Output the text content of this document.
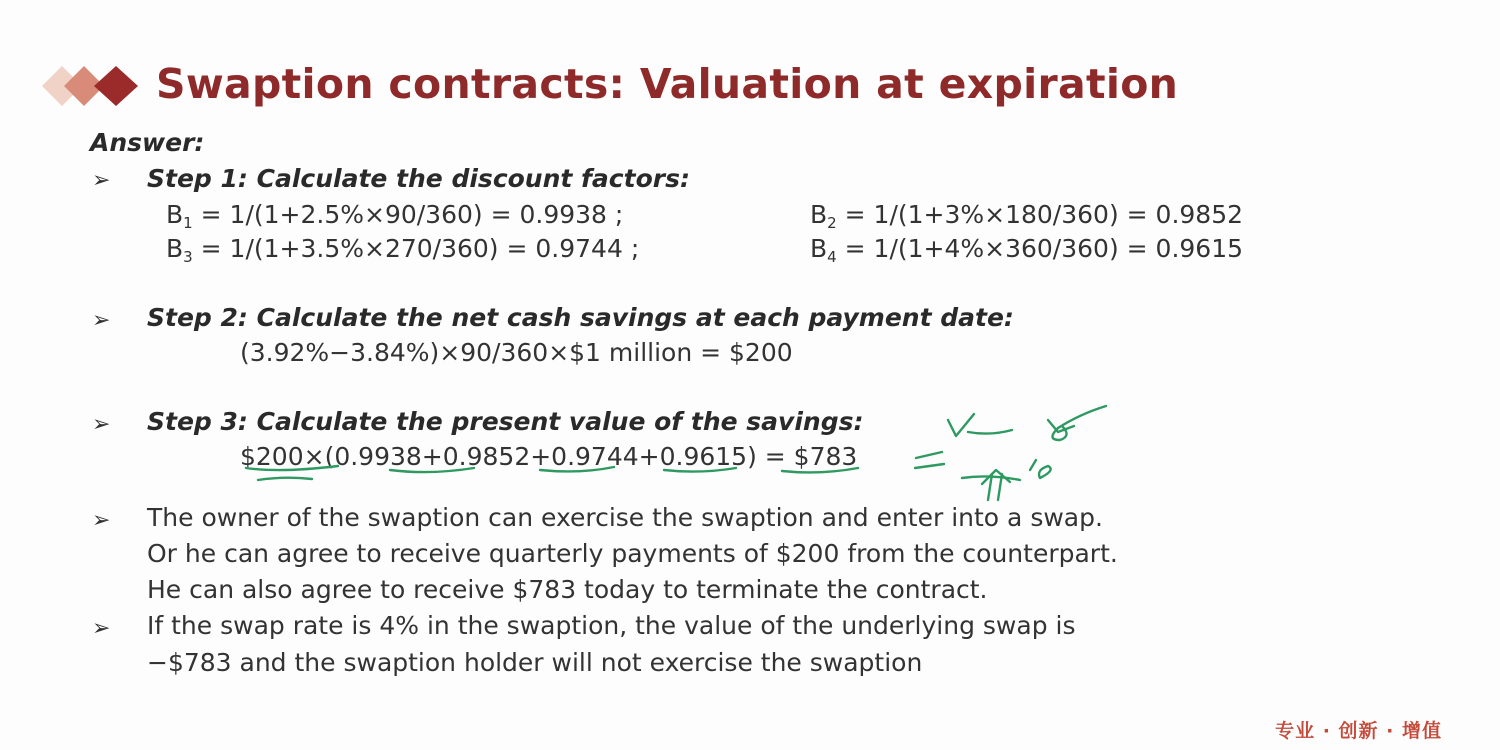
Swaption contracts: Valuation at expiration
Answer:
➢ Step 1: Calculate the discount factors:
$B_1 = 1/(1+2.5\%\times 90/360) = 0.9938$ ;	$B_2 = 1/(1+3\%\times 180/360) = 0.9852$
$B_3 = 1/(1+3.5\%\times 270/360) = 0.9744$ ;	$B_4 = 1/(1+4\%\times 360/360) = 0.9615$
➢ Step 2: Calculate the net cash savings at each payment date:
(3.92%−3.84%)×90/360×$1 million = $200
➢ Step 3: Calculate the present value of the savings:
$200×(0.9938+0.9852+0.9744+0.9615) = $783
➢ The owner of the swaption can exercise the swaption and enter into a swap.
Or he can agree to receive quarterly payments of $200 from the counterpart.
He can also agree to receive $783 today to terminate the contract.
➢ If the swap rate is 4% in the swaption, the value of the underlying swap is
−$783 and the swaption holder will not exercise the swaption
专业 · 创新 · 增值
